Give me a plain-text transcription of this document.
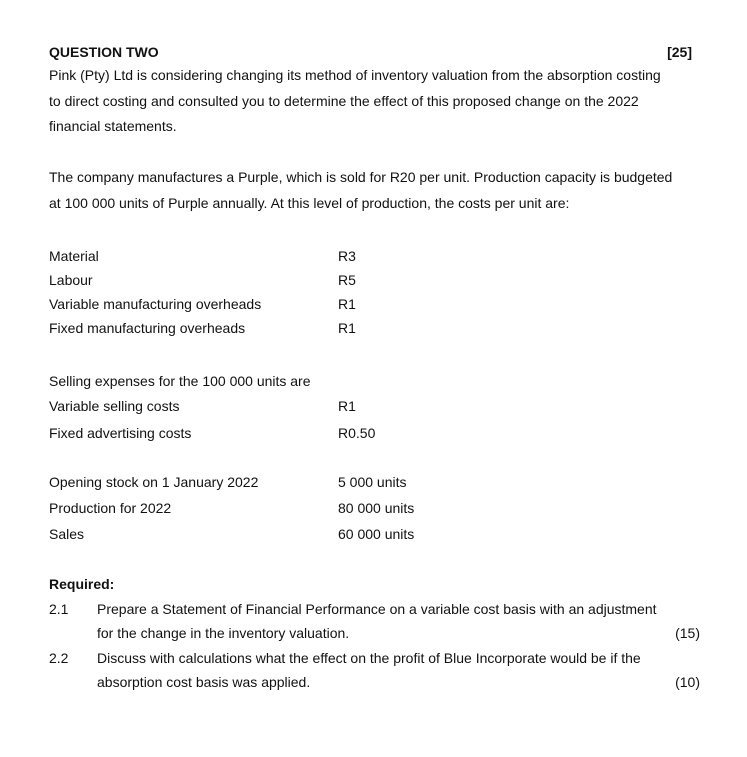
QUESTION TWO	[25]
Pink (Pty) Ltd is considering changing its method of inventory valuation from the absorption costing
to direct costing and consulted you to determine the effect of this proposed change on the 2022
financial statements.
The company manufactures a Purple, which is sold for R20 per unit. Production capacity is budgeted
at 100 000 units of Purple annually. At this level of production, the costs per unit are:
Material	R3
Labour	R5
Variable manufacturing overheads	R1
Fixed manufacturing overheads	R1
Selling expenses for the 100 000 units are
Variable selling costs	R1
Fixed advertising costs	R0.50
Opening stock on 1 January 2022	5 000 units
Production for 2022	80 000 units
Sales	60 000 units
Required:
2.1 Prepare a Statement of Financial Performance on a variable cost basis with an adjustment
for the change in the inventory valuation.	(15)
2.2 Discuss with calculations what the effect on the profit of Blue Incorporate would be if the
absorption cost basis was applied.	(10)
